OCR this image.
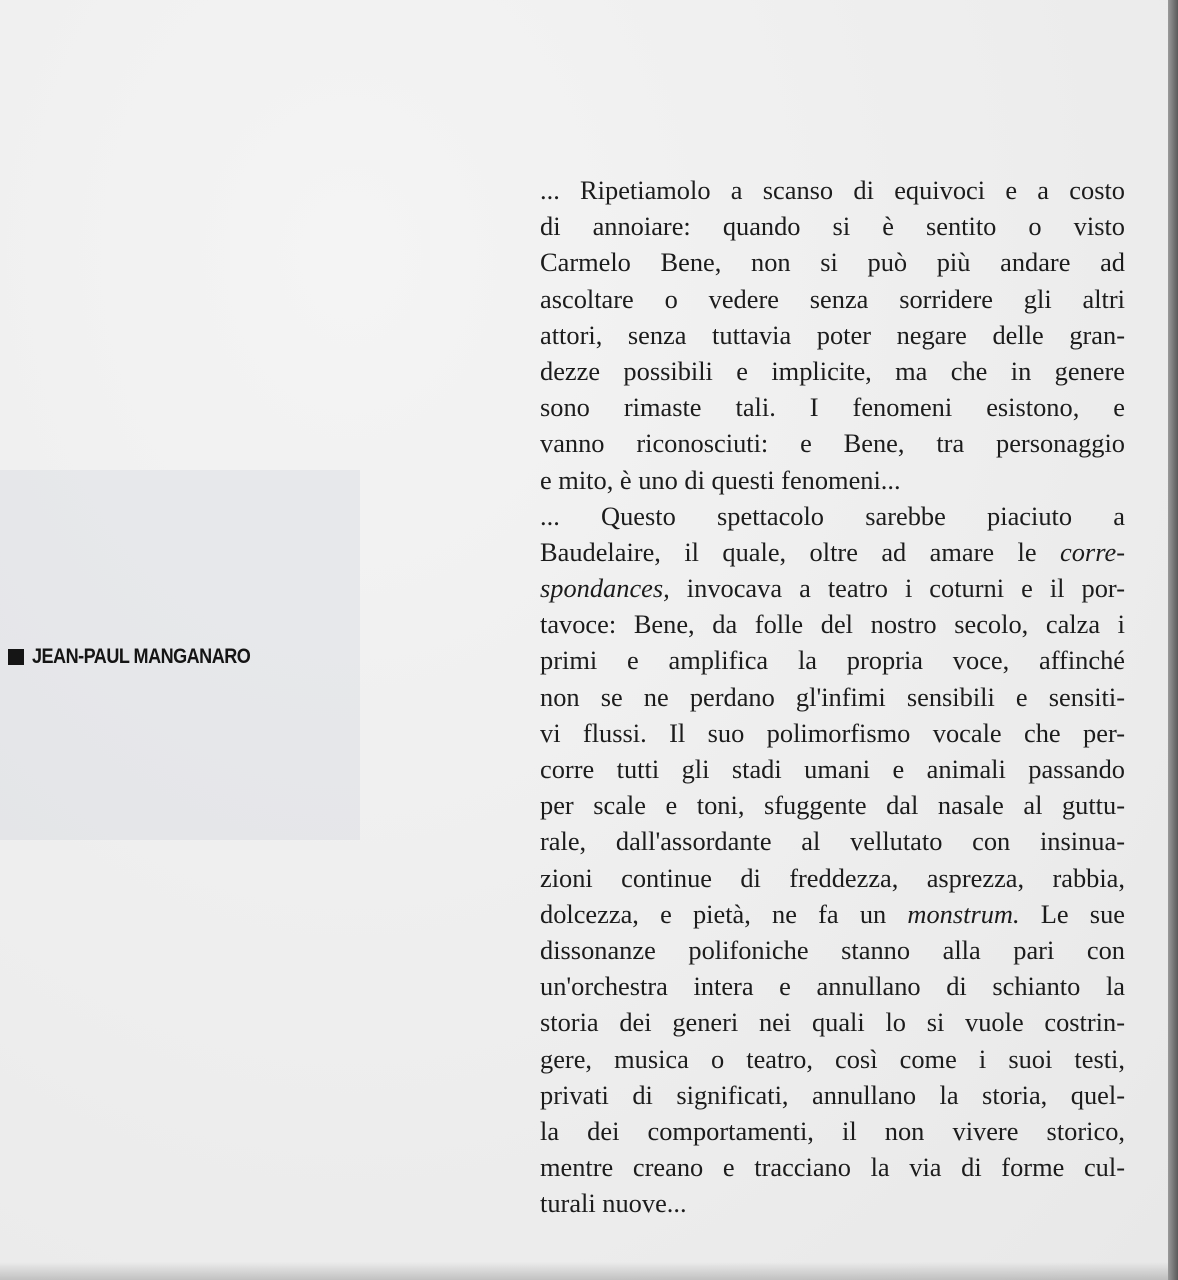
JEAN-PAUL MANGANARO
... Ripetiamolo a scanso di equivoci e a costo
di annoiare: quando si è sentito o visto
Carmelo Bene, non si può più andare ad
ascoltare o vedere senza sorridere gli altri
attori, senza tuttavia poter negare delle gran-
dezze possibili e implicite, ma che in genere
sono rimaste tali. I fenomeni esistono, e
vanno riconosciuti: e Bene, tra personaggio
e mito, è uno di questi fenomeni...
... Questo spettacolo sarebbe piaciuto a
Baudelaire, il quale, oltre ad amare le corre-
spondances, invocava a teatro i coturni e il por-
tavoce: Bene, da folle del nostro secolo, calza i
primi e amplifica la propria voce, affinché
non se ne perdano gl'infimi sensibili e sensiti-
vi flussi. Il suo polimorfismo vocale che per-
corre tutti gli stadi umani e animali passando
per scale e toni, sfuggente dal nasale al guttu-
rale, dall'assordante al vellutato con insinua-
zioni continue di freddezza, asprezza, rabbia,
dolcezza, e pietà, ne fa un monstrum. Le sue
dissonanze polifoniche stanno alla pari con
un'orchestra intera e annullano di schianto la
storia dei generi nei quali lo si vuole costrin-
gere, musica o teatro, così come i suoi testi,
privati di significati, annullano la storia, quel-
la dei comportamenti, il non vivere storico,
mentre creano e tracciano la via di forme cul-
turali nuove...
